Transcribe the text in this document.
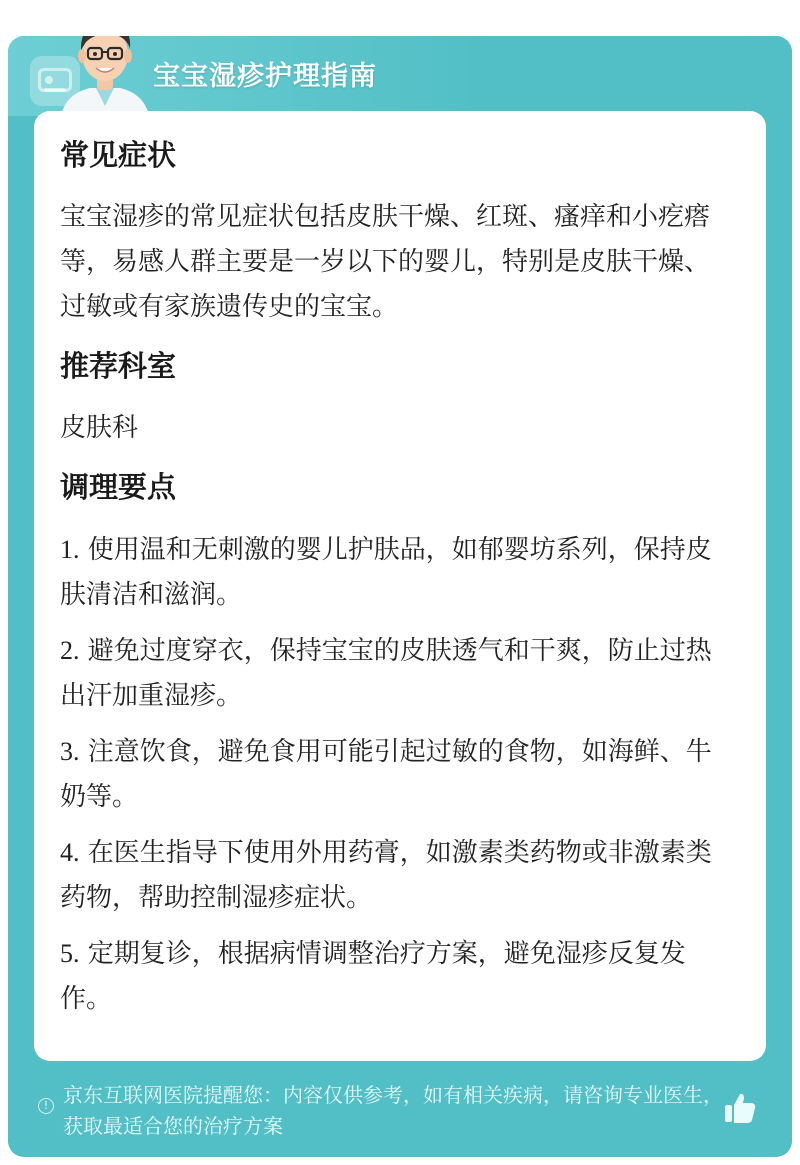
宝宝湿疹护理指南
常见症状

宝宝湿疹的常见症状包括皮肤干燥、红斑、瘙痒和小疙瘩等，易感人群主要是一岁以下的婴儿，特别是皮肤干燥、过敏或有家族遗传史的宝宝。

推荐科室

皮肤科

调理要点

1. 使用温和无刺激的婴儿护肤品，如郁婴坊系列，保持皮肤清洁和滋润。

2. 避免过度穿衣，保持宝宝的皮肤透气和干爽，防止过热出汗加重湿疹。

3. 注意饮食，避免食用可能引起过敏的食物，如海鲜、牛奶等。

4. 在医生指导下使用外用药膏，如激素类药物或非激素类药物，帮助控制湿疹症状。

5. 定期复诊，根据病情调整治疗方案，避免湿疹反复发作。

! 京东互联网医院提醒您：内容仅供参考，如有相关疾病，请咨询专业医生，获取最适合您的治疗方案
